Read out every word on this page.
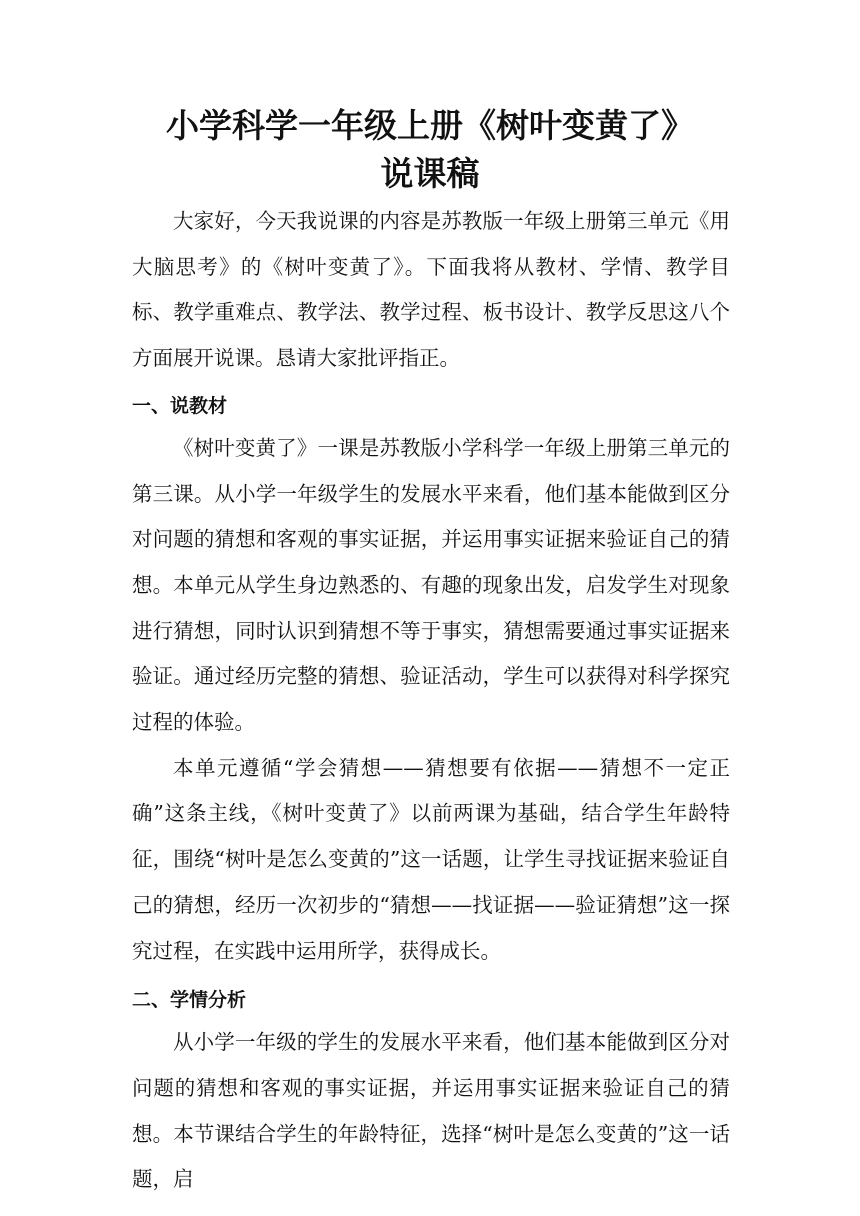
小学科学一年级上册《树叶变黄了》
说课稿

大家好，今天我说课的内容是苏教版一年级上册第三单元《用大脑思考》的《树叶变黄了》。下面我将从教材、学情、教学目标、教学重难点、教学法、教学过程、板书设计、教学反思这八个方面展开说课。恳请大家批评指正。

一、说教材

《树叶变黄了》一课是苏教版小学科学一年级上册第三单元的第三课。从小学一年级学生的发展水平来看，他们基本能做到区分对问题的猜想和客观的事实证据，并运用事实证据来验证自己的猜想。本单元从学生身边熟悉的、有趣的现象出发，启发学生对现象进行猜想，同时认识到猜想不等于事实，猜想需要通过事实证据来验证。通过经历完整的猜想、验证活动，学生可以获得对科学探究过程的体验。

本单元遵循“学会猜想——猜想要有依据——猜想不一定正确”这条主线，《树叶变黄了》以前两课为基础，结合学生年龄特征，围绕“树叶是怎么变黄的”这一话题，让学生寻找证据来验证自己的猜想，经历一次初步的“猜想——找证据——验证猜想”这一探究过程，在实践中运用所学，获得成长。

二、学情分析

从小学一年级的学生的发展水平来看，他们基本能做到区分对问题的猜想和客观的事实证据，并运用事实证据来验证自己的猜想。本节课结合学生的年龄特征，选择“树叶是怎么变黄的”这一话题，启
